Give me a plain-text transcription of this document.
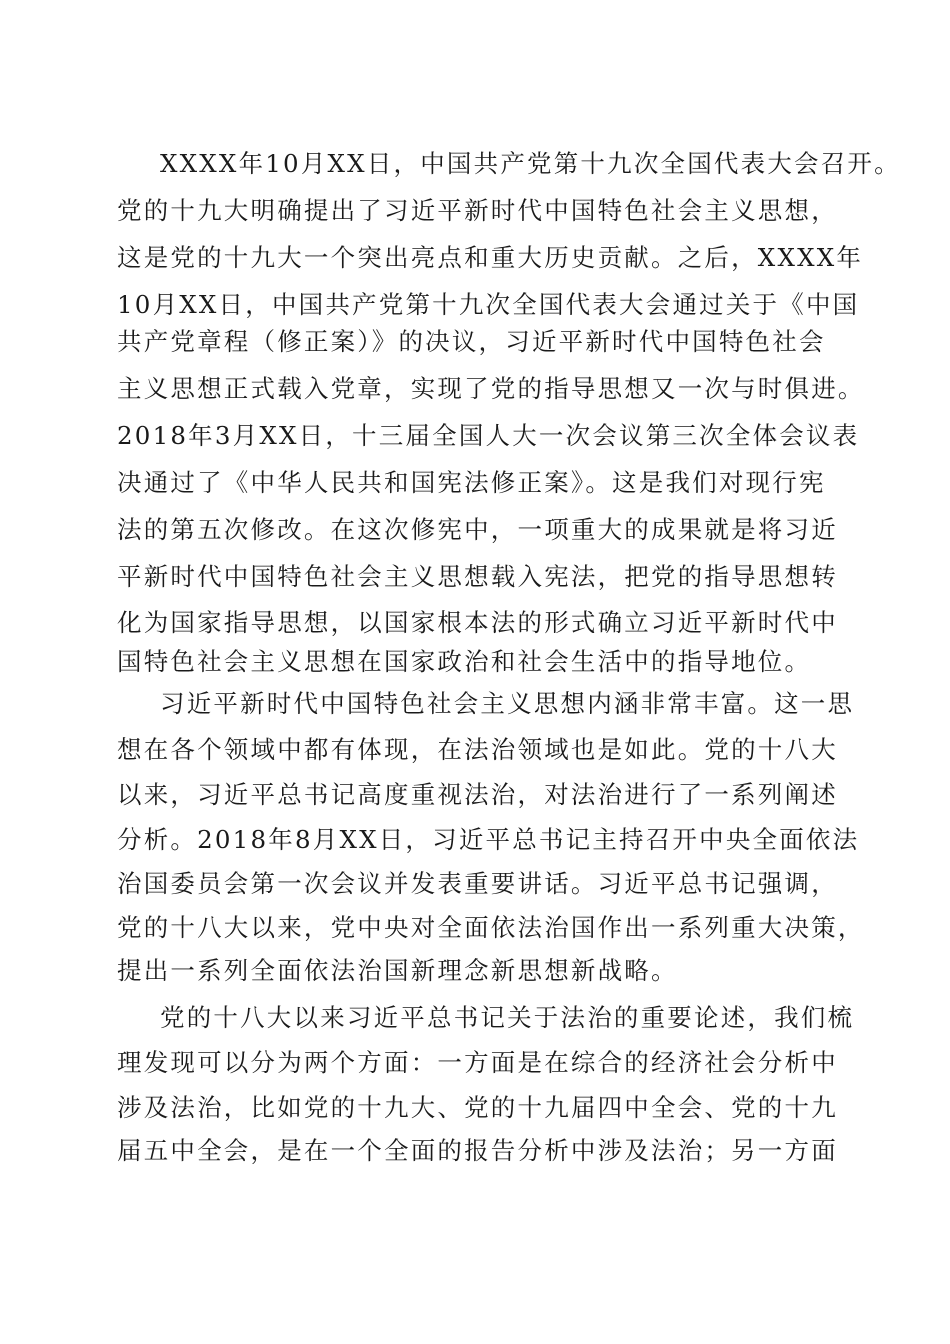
XXXX年10月XX日，中国共产党第十九次全国代表大会召开。
党的十九大明确提出了习近平新时代中国特色社会主义思想，
这是党的十九大一个突出亮点和重大历史贡献。之后，XXXX年
10月XX日，中国共产党第十九次全国代表大会通过关于《中国
共产党章程（修正案）》的决议，习近平新时代中国特色社会
主义思想正式载入党章，实现了党的指导思想又一次与时俱进。
2018年3月XX日，十三届全国人大一次会议第三次全体会议表
决通过了《中华人民共和国宪法修正案》。这是我们对现行宪
法的第五次修改。在这次修宪中，一项重大的成果就是将习近
平新时代中国特色社会主义思想载入宪法，把党的指导思想转
化为国家指导思想，以国家根本法的形式确立习近平新时代中
国特色社会主义思想在国家政治和社会生活中的指导地位。
习近平新时代中国特色社会主义思想内涵非常丰富。这一思
想在各个领域中都有体现，在法治领域也是如此。党的十八大
以来，习近平总书记高度重视法治，对法治进行了一系列阐述
分析。2018年8月XX日，习近平总书记主持召开中央全面依法
治国委员会第一次会议并发表重要讲话。习近平总书记强调，
党的十八大以来，党中央对全面依法治国作出一系列重大决策，
提出一系列全面依法治国新理念新思想新战略。
党的十八大以来习近平总书记关于法治的重要论述，我们梳
理发现可以分为两个方面：一方面是在综合的经济社会分析中
涉及法治，比如党的十九大、党的十九届四中全会、党的十九
届五中全会，是在一个全面的报告分析中涉及法治；另一方面
